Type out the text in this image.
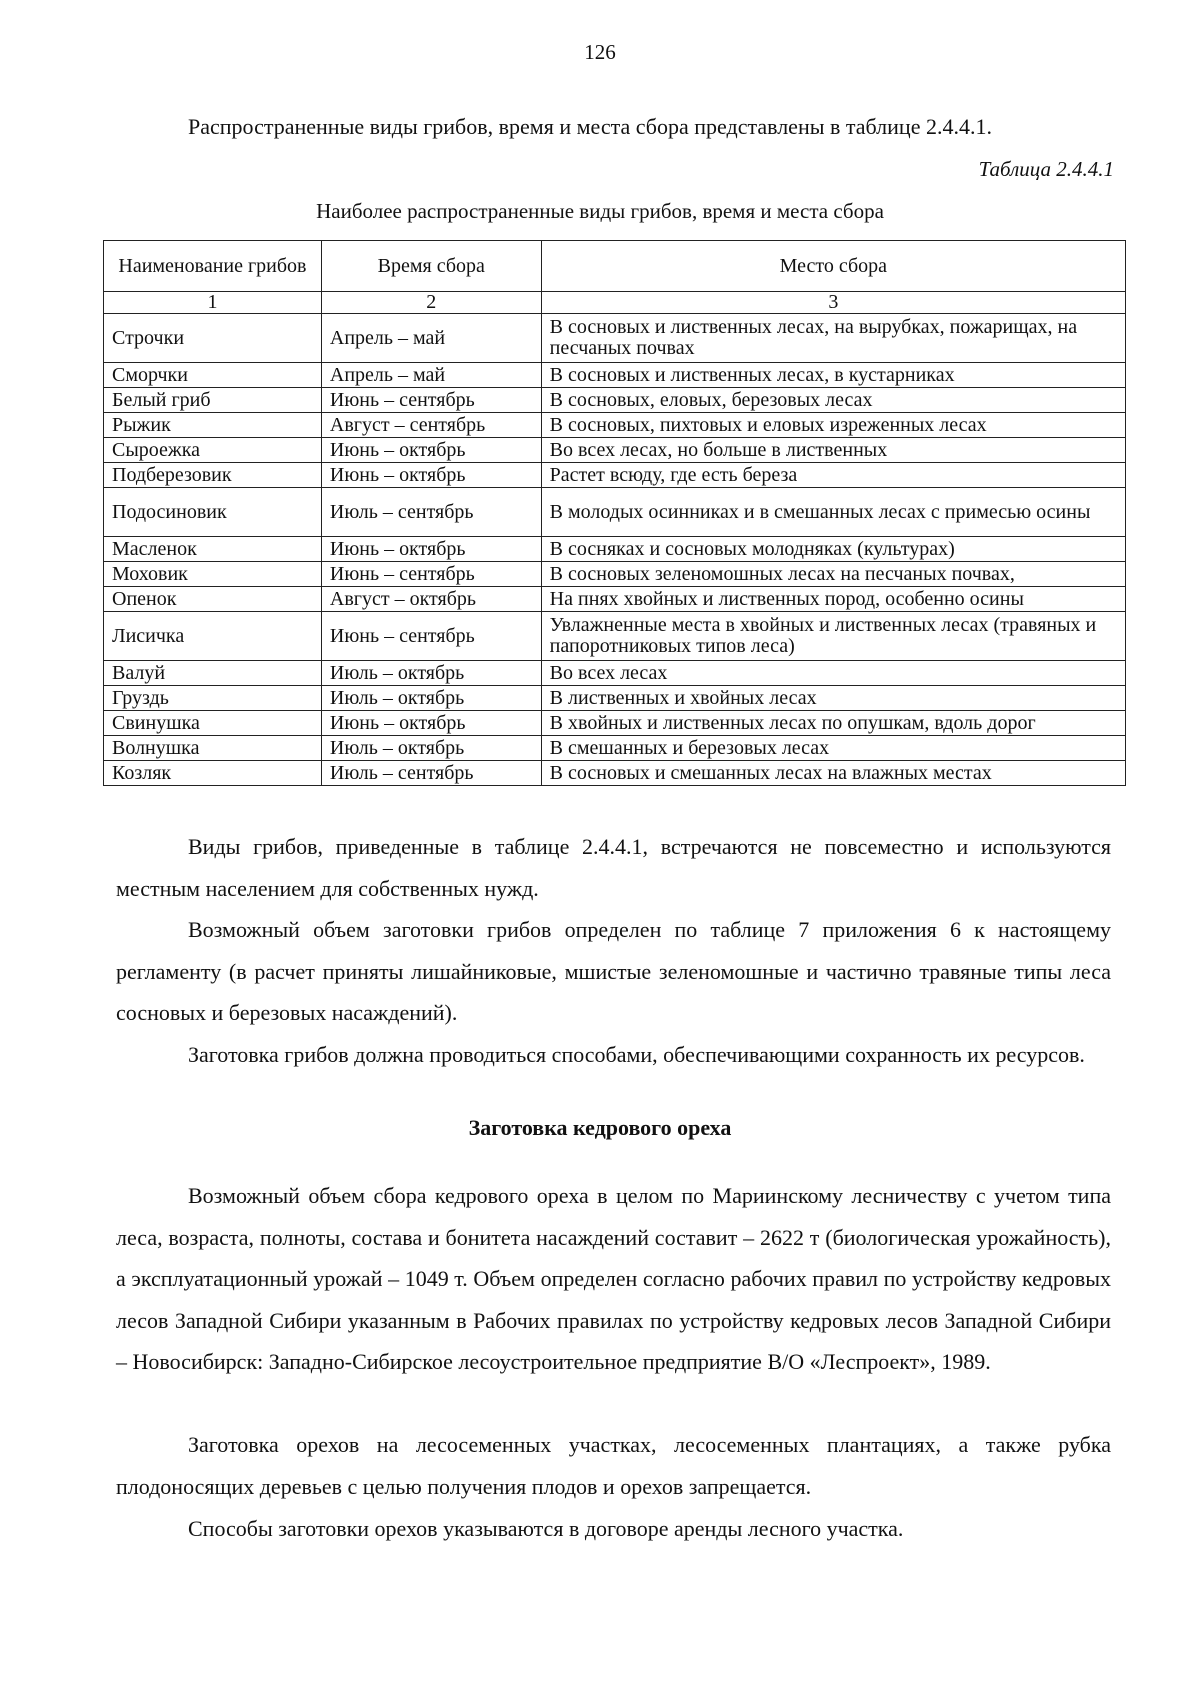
126

Распространенные виды грибов, время и места сбора представлены в таблице 2.4.4.1.

Таблица 2.4.4.1
Наиболее распространенные виды грибов, время и места сбора
Наименование грибов	Время сбора	Место сбора
1	2	3
Строчки	Апрель – май	В сосновых и лиственных лесах, на вырубках, пожарищах, на песчаных почвах
Сморчки	Апрель – май	В сосновых и лиственных лесах, в кустарниках
Белый гриб	Июнь – сентябрь	В сосновых, еловых, березовых лесах
Рыжик	Август – сентябрь	В сосновых, пихтовых и еловых изреженных лесах
Сыроежка	Июнь – октябрь	Во всех лесах, но больше в лиственных
Подберезовик	Июнь – октябрь	Растет всюду, где есть береза
Подосиновик	Июль – сентябрь	В молодых осинниках и в смешанных лесах с примесью осины
Масленок	Июнь – октябрь	В сосняках и сосновых молодняках (культурах)
Моховик	Июнь – сентябрь	В сосновых зеленомошных лесах на песчаных почвах,
Опенок	Август – октябрь	На пнях хвойных и лиственных пород, особенно осины
Лисичка	Июнь – сентябрь	Увлажненные места в хвойных и лиственных лесах (травяных и папоротниковых типов леса)
Валуй	Июль – октябрь	Во всех лесах
Груздь	Июль – октябрь	В лиственных и хвойных лесах
Свинушка	Июнь – октябрь	В хвойных и лиственных лесах по опушкам, вдоль дорог
Волнушка	Июль – октябрь	В смешанных и березовых лесах
Козляк	Июль – сентябрь	В сосновых и смешанных лесах на влажных местах

Виды грибов, приведенные в таблице 2.4.4.1, встречаются не повсеместно и используются местным населением для собственных нужд.

Возможный объем заготовки грибов определен по таблице 7 приложения 6 к настоящему регламенту (в расчет приняты лишайниковые, мшистые зеленомошные и частично травяные типы леса сосновых и березовых насаждений).

Заготовка грибов должна проводиться способами, обеспечивающими сохранность их ресурсов.

Заготовка кедрового ореха

Возможный объем сбора кедрового ореха в целом по Мариинскому лесничеству с учетом типа леса, возраста, полноты, состава и бонитета насаждений составит – 2622 т (биологическая урожайность), а эксплуатационный урожай – 1049 т. Объем определен согласно рабочих правил по устройству кедровых лесов Западной Сибири указанным в Рабочих правилах по устройству кедровых лесов Западной Сибири – Новосибирск: Западно-Сибирское лесоустроительное предприятие В/О «Леспроект», 1989.

Заготовка орехов на лесосеменных участках, лесосеменных плантациях, а также рубка плодоносящих деревьев с целью получения плодов и орехов запрещается.

Способы заготовки орехов указываются в договоре аренды лесного участка.
